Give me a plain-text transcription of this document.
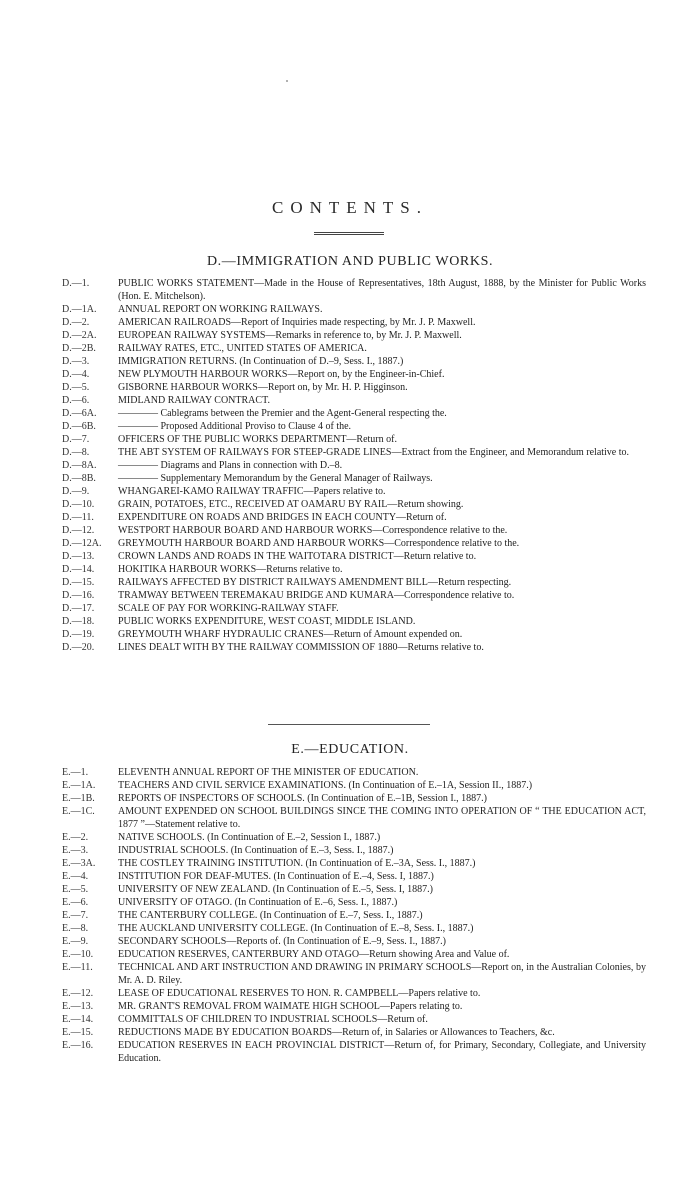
CONTENTS.
D.—IMMIGRATION AND PUBLIC WORKS.
D.—1.	PUBLIC WORKS STATEMENT—Made in the House of Representatives, 18th August, 1888, by the Minister for Public Works (Hon. E. Mitchelson).
D.—1A.	ANNUAL REPORT ON WORKING RAILWAYS.
D.—2.	AMERICAN RAILROADS—Report of Inquiries made respecting, by Mr. J. P. Maxwell.
D.—2A.	EUROPEAN RAILWAY SYSTEMS—Remarks in reference to, by Mr. J. P. Maxwell.
D.—2B.	RAILWAY RATES, ETC., UNITED STATES OF AMERICA.
D.—3.	IMMIGRATION RETURNS. (In Continuation of D.–9, Sess. I., 1887.)
D.—4.	NEW PLYMOUTH HARBOUR WORKS—Report on, by the Engineer-in-Chief.
D.—5.	GISBORNE HARBOUR WORKS—Report on, by Mr. H. P. Higginson.
D.—6.	MIDLAND RAILWAY CONTRACT.
D.—6A.	———— Cablegrams between the Premier and the Agent-General respecting the.
D.—6B.	———— Proposed Additional Proviso to Clause 4 of the.
D.—7.	OFFICERS OF THE PUBLIC WORKS DEPARTMENT—Return of.
D.—8.	THE ABT SYSTEM OF RAILWAYS FOR STEEP-GRADE LINES—Extract from the Engineer, and Memorandum relative to.
D.—8A.	———— Diagrams and Plans in connection with D.–8.
D.—8B.	———— Supplementary Memorandum by the General Manager of Railways.
D.—9.	WHANGAREI-KAMO RAILWAY TRAFFIC—Papers relative to.
D.—10.	GRAIN, POTATOES, ETC., RECEIVED AT OAMARU BY RAIL—Return showing.
D.—11.	EXPENDITURE ON ROADS AND BRIDGES IN EACH COUNTY—Return of.
D.—12.	WESTPORT HARBOUR BOARD AND HARBOUR WORKS—Correspondence relative to the.
D.—12A.	GREYMOUTH HARBOUR BOARD AND HARBOUR WORKS—Correspondence relative to the.
D.—13.	CROWN LANDS AND ROADS IN THE WAITOTARA DISTRICT—Return relative to.
D.—14.	HOKITIKA HARBOUR WORKS—Returns relative to.
D.—15.	RAILWAYS AFFECTED BY DISTRICT RAILWAYS AMENDMENT BILL—Return respecting.
D.—16.	TRAMWAY BETWEEN TEREMAKAU BRIDGE AND KUMARA—Correspondence relative to.
D.—17.	SCALE OF PAY FOR WORKING-RAILWAY STAFF.
D.—18.	PUBLIC WORKS EXPENDITURE, WEST COAST, MIDDLE ISLAND.
D.—19.	GREYMOUTH WHARF HYDRAULIC CRANES—Return of Amount expended on.
D.—20.	LINES DEALT WITH BY THE RAILWAY COMMISSION OF 1880—Returns relative to.
E.—EDUCATION.
E.—1.	ELEVENTH ANNUAL REPORT OF THE MINISTER OF EDUCATION.
E.—1A.	TEACHERS AND CIVIL SERVICE EXAMINATIONS. (In Continuation of E.–1A, Session II., 1887.)
E.—1B.	REPORTS OF INSPECTORS OF SCHOOLS. (In Continuation of E.–1B, Session I., 1887.)
E.—1C.	AMOUNT EXPENDED ON SCHOOL BUILDINGS SINCE THE COMING INTO OPERATION OF “ THE EDUCATION ACT, 1877 ”—Statement relative to.
E.—2.	NATIVE SCHOOLS. (In Continuation of E.–2, Session I., 1887.)
E.—3.	INDUSTRIAL SCHOOLS. (In Continuation of E.–3, Sess. I., 1887.)
E.—3A.	THE COSTLEY TRAINING INSTITUTION. (In Continuation of E.–3A, Sess. I., 1887.)
E.—4.	INSTITUTION FOR DEAF-MUTES. (In Continuation of E.–4, Sess. I, 1887.)
E.—5.	UNIVERSITY OF NEW ZEALAND. (In Continuation of E.–5, Sess. I, 1887.)
E.—6.	UNIVERSITY OF OTAGO. (In Continuation of E.–6, Sess. I., 1887.)
E.—7.	THE CANTERBURY COLLEGE. (In Continuation of E.–7, Sess. I., 1887.)
E.—8.	THE AUCKLAND UNIVERSITY COLLEGE. (In Continuation of E.–8, Sess. I., 1887.)
E.—9.	SECONDARY SCHOOLS—Reports of. (In Continuation of E.–9, Sess. I., 1887.)
E.—10.	EDUCATION RESERVES, CANTERBURY AND OTAGO—Return showing Area and Value of.
E.—11.	TECHNICAL AND ART INSTRUCTION AND DRAWING IN PRIMARY SCHOOLS—Report on, in the Australian Colonies, by Mr. A. D. Riley.
E.—12.	LEASE OF EDUCATIONAL RESERVES TO HON. R. CAMPBELL—Papers relative to.
E.—13.	MR. GRANT'S REMOVAL FROM WAIMATE HIGH SCHOOL—Papers relating to.
E.—14.	COMMITTALS OF CHILDREN TO INDUSTRIAL SCHOOLS—Return of.
E.—15.	REDUCTIONS MADE BY EDUCATION BOARDS—Return of, in Salaries or Allowances to Teachers, &c.
E.—16.	EDUCATION RESERVES IN EACH PROVINCIAL DISTRICT—Return of, for Primary, Secondary, Collegiate, and University Education.
